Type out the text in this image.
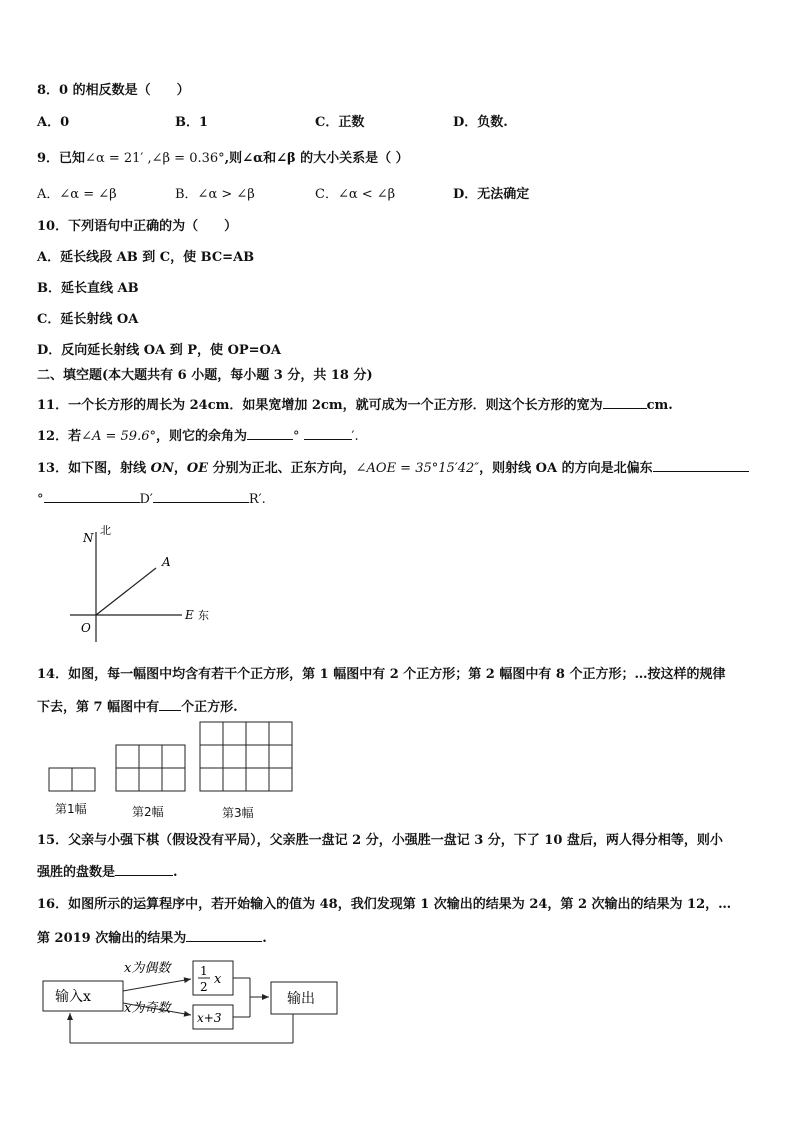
8．0 的相反数是（　　）
A．0	B．1	C．正数	D．负数.
9．已知∠α = 21′ ,∠β = 0.36°,则∠α和∠β 的大小关系是（ ）
A．∠α = ∠β	B．∠α > ∠β	C．∠α < ∠β	D．无法确定
10．下列语句中正确的为（　　）
A．延长线段 AB 到 C，使 BC=AB
B．延长直线 AB
C．延长射线 OA
D．反向延长射线 OA 到 P，使 OP=OA
二、填空题(本大题共有 6 小题，每小题 3 分，共 18 分)
11．一个长方形的周长为 24cm．如果宽增加 2cm，就可成为一个正方形．则这个长方形的宽为	cm.
12．若∠A = 59.6°，则它的余角为	°	′.
13．如下图，射线 ON，OE 分别为正北、正东方向，∠AOE = 35°15′42″，则射线 OA 的方向是北偏东
°	D′	R′.
N
北
A
O
E 东
14．如图，每一幅图中均含有若干个正方形，第 1 幅图中有 2 个正方形；第 2 幅图中有 8 个正方形；…按这样的规律
下去，第 7 幅图中有 个正方形.
第1幅	第2幅	第3幅
15．父亲与小强下棋（假设没有平局），父亲胜一盘记 2 分，小强胜一盘记 3 分，下了 10 盘后，两人得分相等，则小
强胜的盘数是	.
16．如图所示的运算程序中，若开始输入的值为 48，我们发现第 1 次输出的结果为 24，第 2 次输出的结果为 12，…
第 2019 次输出的结果为	.
输入x
x为偶数
x为奇数
1
2 x
x+3
输出
